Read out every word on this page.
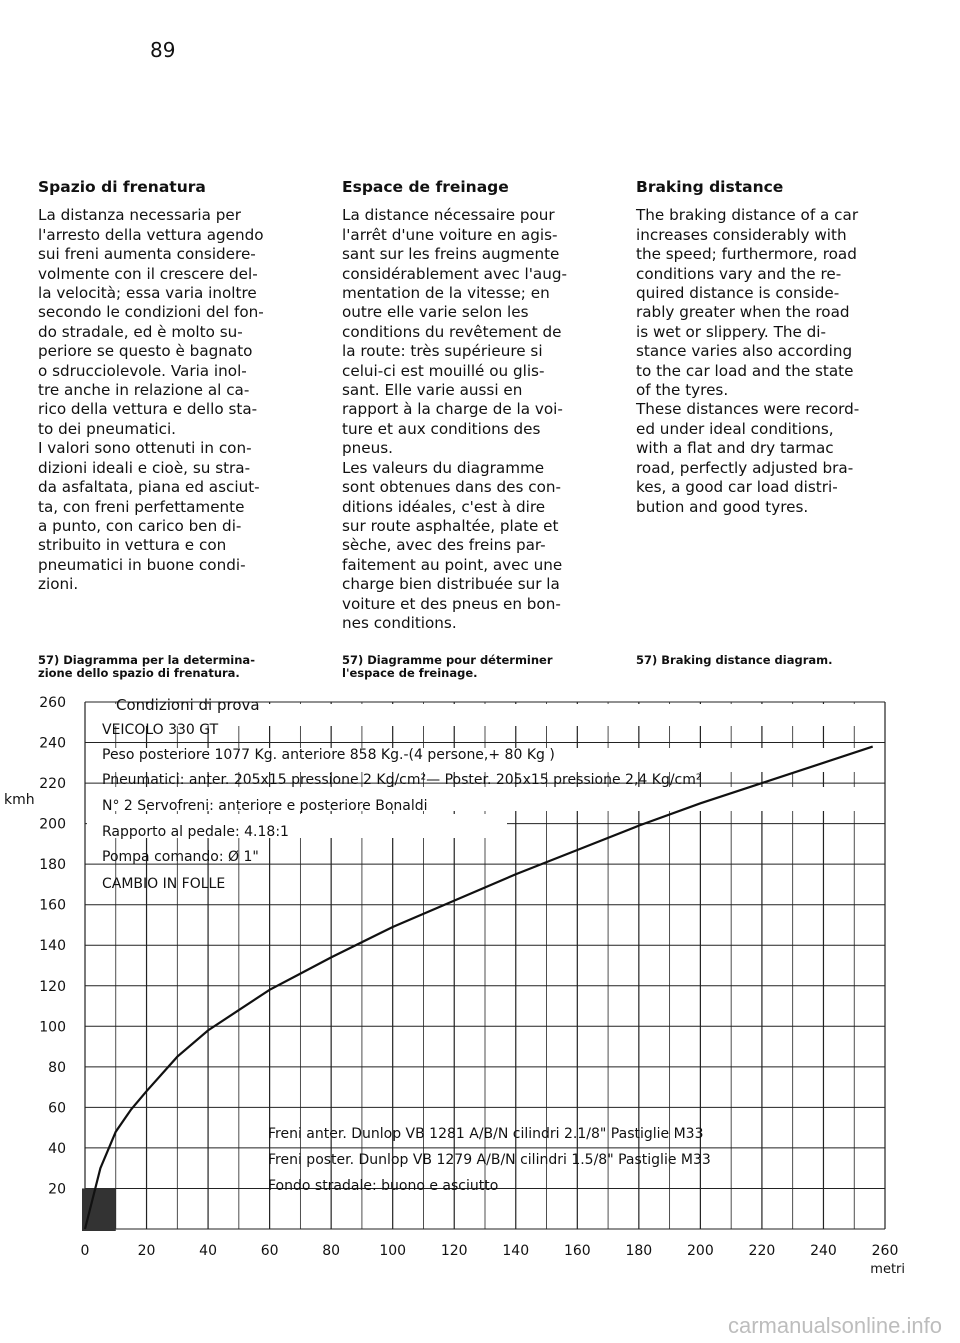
89
Spazio di frenatura

La distanza necessaria per
l'arresto della vettura agendo
sui freni aumenta considere-
volmente con il crescere del-
la velocità; essa varia inoltre
secondo le condizioni del fon-
do stradale, ed è molto su-
periore se questo è bagnato
o sdrucciolevole. Varia inol-
tre anche in relazione al ca-
rico della vettura e dello sta-
to dei pneumatici.
I valori sono ottenuti in con-
dizioni ideali e cioè, su stra-
da asfaltata, piana ed asciut-
ta, con freni perfettamente
a punto, con carico ben di-
stribuito in vettura e con
pneumatici in buone condi-
zioni.

Espace de freinage

La distance nécessaire pour
l'arrêt d'une voiture en agis-
sant sur les freins augmente
considérablement avec l'aug-
mentation de la vitesse; en
outre elle varie selon les
conditions du revêtement de
la route: très supérieure si
celui-ci est mouillé ou glis-
sant. Elle varie aussi en
rapport à la charge de la voi-
ture et aux conditions des
pneus.
Les valeurs du diagramme
sont obtenues dans des con-
ditions idéales, c'est à dire
sur route asphaltée, plate et
sèche, avec des freins par-
faitement au point, avec une
charge bien distribuée sur la
voiture et des pneus en bon-
nes conditions.

Braking distance

The braking distance of a car
increases considerably with
the speed; furthermore, road
conditions vary and the re-
quired distance is conside-
rably greater when the road
is wet or slippery. The di-
stance varies also according
to the car load and the state
of the tyres.
These distances were record-
ed under ideal conditions,
with a flat and dry tarmac
road, perfectly adjusted bra-
kes, a good car load distri-
bution and good tyres.

57) Diagramma per la determina-
zione dello spazio di frenatura.

57) Diagramme pour déterminer
l'espace de freinage.

57) Braking distance diagram.

Condizioni di prova
VEICOLO 330 GT
Peso posteriore 1077 Kg. anteriore 858 Kg.-(4 persone,+ 80 Kg )
Pneumatici: anter. 205x15 pressione 2 Kg/cm²— Poster. 205x15 pressione 2,4 Kg/cm²
N° 2 Servofreni: anteriore e posteriore Bonaldi
Rapporto al pedale: 4.18:1
Pompa comando: Ø 1"
CAMBIO IN FOLLE
Freni anter. Dunlop VB 1281 A/B/N cilindri 2.1/8" Pastiglie M33
Freni poster. Dunlop VB 1279 A/B/N cilindri 1.5/8" Pastiglie M33
Fondo stradale: buono e asciutto
kmh
20
40
60
80
100
120
140
160
180
200
220
240
260
0	20	40	60	80	100 120 140 160 180 200 220 240 260
metri
carmanualsonline.info
